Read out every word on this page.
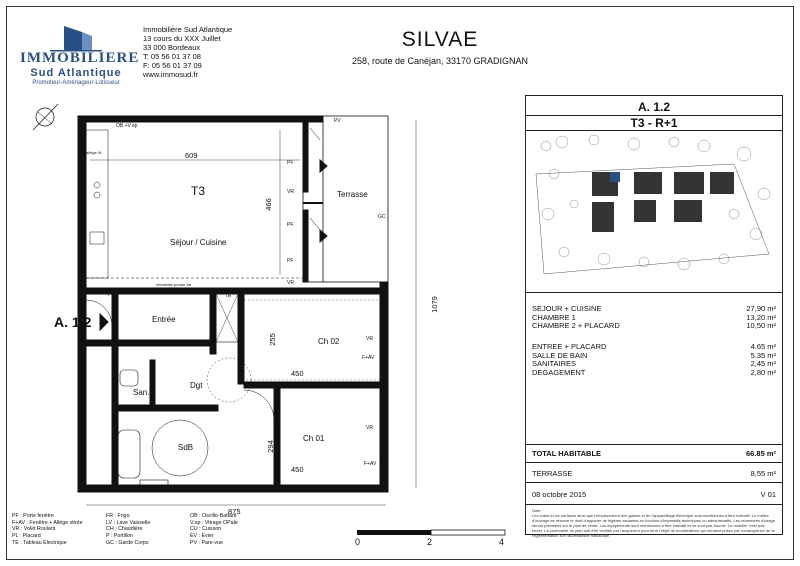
IMMOBILIERE
Sud Atlantique
Promoteur-Aménageur-Lotisseur
Immobilière Sud Atlantique
13 cours du XXX Juillet
33 000 Bordeaux
T: 05 56 01 37 08
F: 05 56 01 37 09
www.immosud.fr
SILVAE
258, route de Canéjan, 33170 GRADIGNAN
A. 1.2
T3
Séjour / Cuisine
Terrasse
Entrée
Ch 02
Ch 01
Dgt
San.
SdB
609
466
1079
255
450
294
450
875
OB +V.op
PV
GC
PF
VR
PF
PF
VR
PF
VR
F+AV
VR
F+AV
TE
allège 0L
retombée poutre 8à
A. 1.2
T3 - R+1
SEJOUR + CUISINE	27,90 m²
CHAMBRE 1	13,20 m²
CHAMBRE 2 + PLACARD	10,50 m²
ENTREE + PLACARD	4.65 m²
SALLE DE BAIN	5.35 m²
SANITAIRES	2,45 m²
DEGAGEMENT	2,80 m²
TOTAL HABITABLE	66.85 m²
TERRASSE	8,55 m²
08 octobre 2015	V 01
Note :
Les côtes et les surfaces ainsi que l'emplacement des gaines et de l'appareillage électrique sont mentionnés à titre indicatif. Le maître d'ouvrage se réserve le droit d'apporter de légères variantes en fonction d'impératifs techniques ou administratifs. Les retombées d'usage seront précisées sur le plan de vente. Les équipements sont mentionnés à titre indicatif et ne sont pas fournis. Le mobilier n'est pas fourni. La conformité du plan doit être vérifiée par l'acquéreur pour tenir l'objet de modifications qui seraient prises par conséquence de la réglementation sur l'accessibilité handicapé.
PF : Porte fenêtre
F+AV : Fenêtre + Allège vitrée
VR : Volet Roulant
PL : Placard
TE : Tableau Electrique
FR : Frigo
LV : Lave Vaisselle
CH : Chaudière
P : Portillon
GC : Garde Corps
OB : Oscillo-Battant
V.op : Vitrage OPale
CU : Cuisson
EV : Evier
PV : Pare-vue	0	2	4
